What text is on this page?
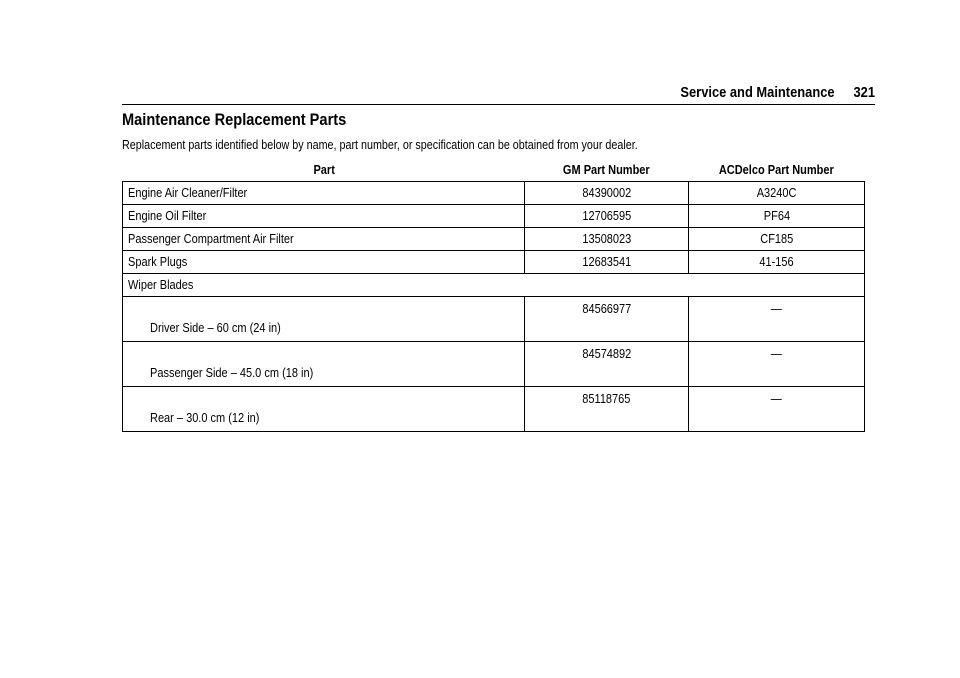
Service and Maintenance 321
Maintenance Replacement Parts
Replacement parts identified below by name, part number, or specification can be obtained from your dealer.
Part	GM Part Number	ACDelco Part Number
Engine Air Cleaner/Filter	84390002	A3240C
Engine Oil Filter	12706595	PF64
Passenger Compartment Air Filter	13508023	CF185
Spark Plugs	12683541	41-156
Wiper Blades		
Driver Side – 60 cm (24 in)	84566977	—
Passenger Side – 45.0 cm (18 in)	84574892	—
Rear – 30.0 cm (12 in)	85118765	—
